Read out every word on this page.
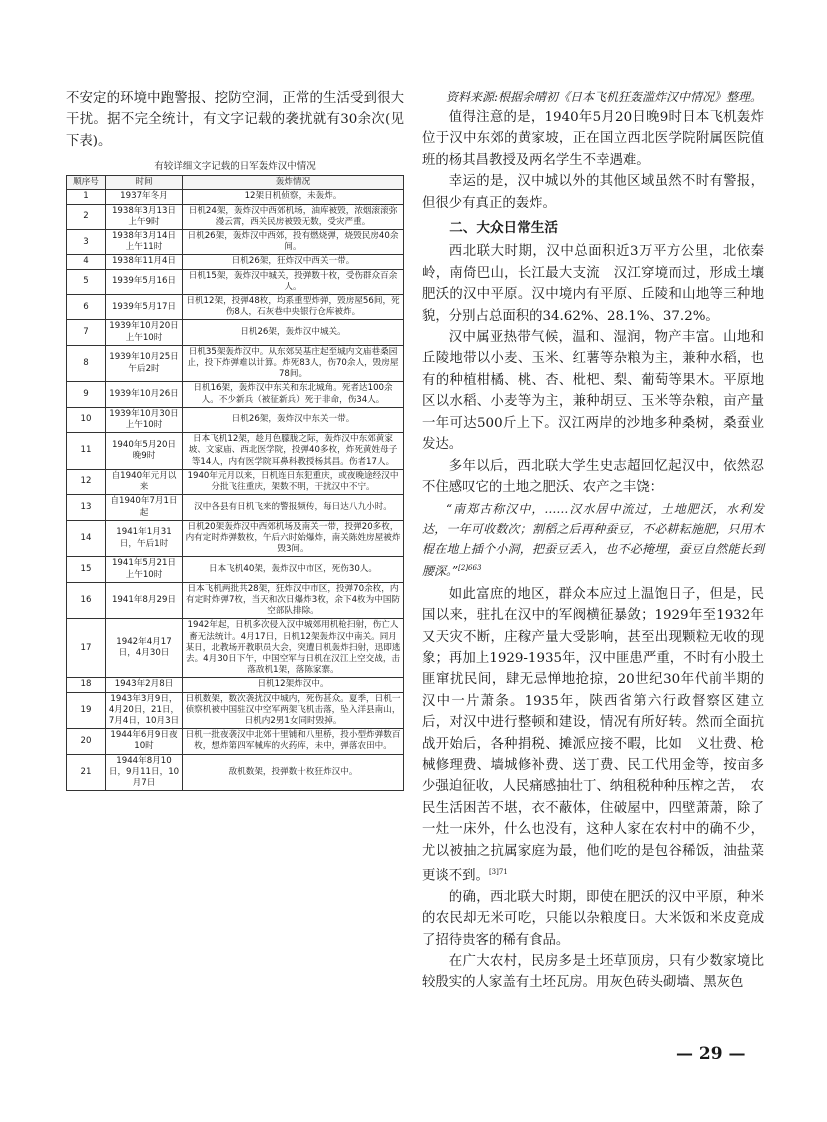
不安定的环境中跑警报、挖防空洞，正常的生活受到很大干扰。据不完全统计，有文字记载的袭扰就有30余次(见下表)。

有较详细文字记载的日军轰炸汉中情况
顺序号	时间	轰炸情况
1	1937年冬月	12架日机侦察，未轰炸。
2	1938年3月13日上午9时	日机24架，轰炸汉中西郊机场，油库被毁，浓烟滚滚弥漫云霄，西关民房被毁无数，受灾严重。
3	1938年3月14日上午11时	日机26架，轰炸汉中西郊，投有燃烧弹，烧毁民房40余间。
4	1938年11月4日	日机26架，狂炸汉中西关一带。
5	1939年5月16日	日机15架，轰炸汉中城关，投弹数十枚，受伤群众百余人。
6	1939年5月17日	日机12架，投弹48枚，均系重型炸弹，毁房屋56间，死伤8人，石灰巷中央银行仓库被炸。
7	1939年10月20日上午10时	日机26架，轰炸汉中城关。
8	1939年10月25日午后2时	日机35架轰炸汉中。从东郊吴基庄起至城内文庙巷桑园止，投下炸弹难以计算。炸死83人，伤70余人，毁房屋78间。
9	1939年10月26日	日机16架，轰炸汉中东关和东北城角。死者达100余人。不少新兵（被征新兵）死于非命，伤34人。
10	1939年10月30日上午10时	日机26架，轰炸汉中东关一带。
11	1940年5月20日晚9时	日本飞机12架，趁月色朦胧之际，轰炸汉中东郊黄家坡、文家庙、西北医学院，投弹40多枚，炸死黄姓母子等14人，内有医学院耳鼻科教授杨其昌。伤者17人。
12	自1940年元月以来	1940年元月以来，日机连日东犯重庆，或夜晚途经汉中分批飞往重庆，架数不明，干扰汉中不宁。
13	自1940年7月1日起	汉中各县有日机飞来的警报频传，每日达八九小时。
14	1941年1月31日，午后1时	日机20架轰炸汉中西郊机场及南关一带，投弹20多枚，内有定时炸弹数枚，午后六时始爆炸，南关陈姓房屋被炸毁3间。
15	1941年5月21日上午10时	日本飞机40架，轰炸汉中市区，死伤30人。
16	1941年8月29日	日本飞机两批共28架，狂炸汉中市区，投弹70余枚，内有定时炸弹7枚，当天和次日爆炸3枚，余下4枚为中国防空部队排除。
17	1942年4月17日，4月30日	1942年起，日机多次侵入汉中城郊用机枪扫射，伤亡人畜无法统计。4月17日，日机12架轰炸汉中南关。同月某日，北教场开教职员大会，突遭日机轰炸扫射，迅即逃去。4月30日下午，中国空军与日机在汉江上空交战，击落敌机1架，落陈家寨。
18	1943年2月8日	日机12架炸汉中。
19	1943年3月9日，4月20日，21日，7月4日，10月3日	日机数架，数次袭扰汉中城内，死伤甚众。夏季，日机一侦察机被中国驻汉中空军两架飞机击落，坠入洋县南山，日机内2男1女同时毁掉。
20	1944年6月9日夜10时	日机一批夜袭汉中北郊十里铺和八里桥，投小型炸弹数百枚，想炸第四军械库的火药库，未中，弹落农田中。
21	1944年8月10日，9月11日，10月7日	敌机数架，投弹数十枚狂炸汉中。

资料来源:根据余晴初《日本飞机狂轰滥炸汉中情况》整理。

值得注意的是，1940年5月20日晚9时日本飞机轰炸位于汉中东郊的黄家坡，正在国立西北医学院附属医院值班的杨其昌教授及两名学生不幸遇难。

幸运的是，汉中城以外的其他区域虽然不时有警报，但很少有真正的轰炸。

二、大众日常生活

西北联大时期，汉中总面积近3万平方公里，北依秦岭，南倚巴山，长江最大支流　汉江穿境而过，形成土壤肥沃的汉中平原。汉中境内有平原、丘陵和山地等三种地貌，分别占总面积的34.62%、28.1%、37.2%。

汉中属亚热带气候，温和、湿润，物产丰富。山地和丘陵地带以小麦、玉米、红薯等杂粮为主，兼种水稻，也有的种植柑橘、桃、杏、枇杷、梨、葡萄等果木。平原地区以水稻、小麦等为主，兼种胡豆、玉米等杂粮，亩产量一年可达500斤上下。汉江两岸的沙地多种桑树，桑蚕业发达。

多年以后，西北联大学生史志超回忆起汉中，依然忍不住感叹它的土地之肥沃、农产之丰饶：

“南郑古称汉中，……汉水居中流过，土地肥沃，水利发达，一年可收数次；割稻之后再种蚕豆，不必耕耘施肥，只用木棍在地上插个小洞，把蚕豆丢入，也不必掩埋，蚕豆自然能长到腰深。”$^{[2]663}$

如此富庶的地区，群众本应过上温饱日子，但是，民国以来，驻扎在汉中的军阀横征暴敛；1929年至1932年又天灾不断，庄稼产量大受影响，甚至出现颗粒无收的现象；再加上1929-1935年，汉中匪患严重，不时有小股土匪窜扰民间，肆无忌惮地抢掠，20世纪30年代前半期的汉中一片萧条。1935年，陕西省第六行政督察区建立后，对汉中进行整顿和建设，情况有所好转。然而全面抗战开始后，各种捐税、摊派应接不暇，比如　义壮费、枪械修理费、墙城修补费、送丁费、民工代用金等，按亩多少强迫征收，人民痛感抽壮丁、纳租税种种压榨之苦，　农民生活困苦不堪，衣不蔽体，住破屋中，四壁萧萧，除了一灶一床外，什么也没有，这种人家在农村中的确不少，尤以被抽之抗属家庭为最，他们吃的是包谷稀饭，油盐菜更谈不到。$^{[3]71}$

的确，西北联大时期，即使在肥沃的汉中平原，种米的农民却无米可吃，只能以杂粮度日。大米饭和米皮竟成了招待贵客的稀有食品。

在广大农村，民房多是土坯草顶房，只有少数家境比较殷实的人家盖有土坯瓦房。用灰色砖头砌墙、黑灰色

— 29 —
